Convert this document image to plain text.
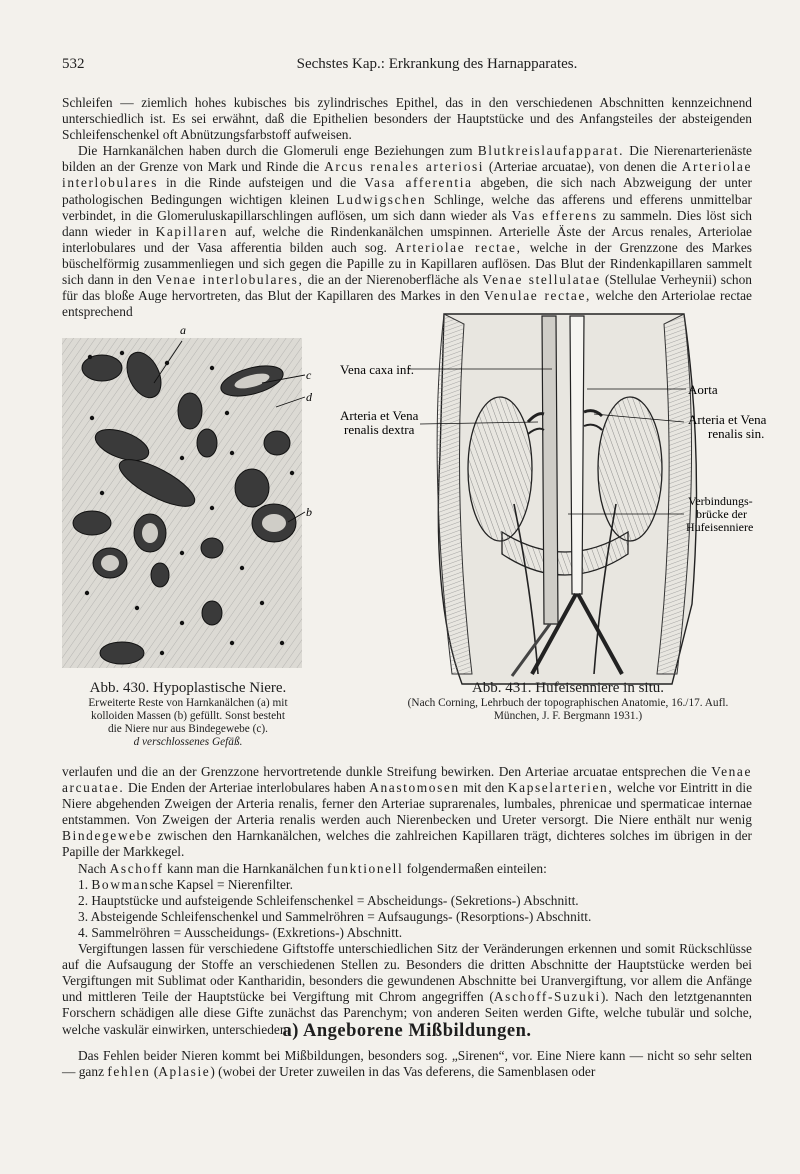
532	Sechstes Kap.: Erkrankung des Harnapparates.

Schleifen — ziemlich hohes kubisches bis zylindrisches Epithel, das in den verschiedenen Abschnitten kennzeichnend unterschiedlich ist. Es sei erwähnt, daß die Epithelien besonders der Hauptstücke und des Anfangsteiles der absteigenden Schleifenschenkel oft Abnützungsfarbstoff aufweisen.

Die Harnkanälchen haben durch die Glomeruli enge Beziehungen zum Blutkreislaufapparat. Die Nierenarterienäste bilden an der Grenze von Mark und Rinde die Arcus renales arteriosi (Arteriae arcuatae), von denen die Arteriolae interlobulares in die Rinde aufsteigen und die Vasa afferentia abgeben, die sich nach Abzweigung der unter pathologischen Bedingungen wichtigen kleinen Ludwigschen Schlinge, welche das afferens und efferens unmittelbar verbindet, in die Glomeruluskapillarschlingen auflösen, um sich dann wieder als Vas efferens zu sammeln. Dies löst sich dann wieder in Kapillaren auf, welche die Rindenkanälchen umspinnen. Arterielle Äste der Arcus renales, Arteriolae interlobulares und der Vasa afferentia bilden auch sog. Arteriolae rectae, welche in der Grenzzone des Markes büschelförmig zusammenliegen und sich gegen die Papille zu in Kapillaren auflösen. Das Blut der Rindenkapillaren sammelt sich dann in den Venae interlobulares, die an der Nierenoberfläche als Venae stellulatae (Stellulae Verheynii) schon für das bloße Auge hervortreten, das Blut der Kapillaren des Markes in den Venulae rectae, welche den Arteriolae rectae entsprechend

a
c
d
b
Vena caxa inf.
Arteria et Vena
renalis dextra
Aorta
Arteria et Vena
renalis sin.
Verbindungs-
brücke der
Hufeisenniere
Abb. 430. Hypoplastische Niere.
Erweiterte Reste von Harnkanälchen (a) mit
kolloiden Massen (b) gefüllt. Sonst besteht
die Niere nur aus Bindegewebe (c).
d verschlossenes Gefäß.
Abb. 431. Hufeisenniere in situ.
(Nach Corning, Lehrbuch der topographischen Anatomie, 16./17. Aufl.
München, J. F. Bergmann 1931.)

verlaufen und die an der Grenzzone hervortretende dunkle Streifung bewirken. Den Arteriae arcuatae entsprechen die Venae arcuatae. Die Enden der Arteriae interlobulares haben Anastomosen mit den Kapselarterien, welche vor Eintritt in die Niere abgehenden Zweigen der Arteria renalis, ferner den Arteriae suprarenales, lumbales, phrenicae und spermaticae internae entstammen. Von Zweigen der Arteria renalis werden auch Nierenbecken und Ureter versorgt. Die Niere enthält nur wenig Bindegewebe zwischen den Harnkanälchen, welches die zahlreichen Kapillaren trägt, dichteres solches im übrigen in der Papille der Markkegel.

Nach Aschoff kann man die Harnkanälchen funktionell folgendermaßen einteilen:

1. Bowmansche Kapsel = Nierenfilter.

2. Hauptstücke und aufsteigende Schleifenschenkel = Abscheidungs- (Sekretions-) Abschnitt.

3. Absteigende Schleifenschenkel und Sammelröhren = Aufsaugungs- (Resorptions-) Abschnitt.

4. Sammelröhren = Ausscheidungs- (Exkretions-) Abschnitt.

Vergiftungen lassen für verschiedene Giftstoffe unterschiedlichen Sitz der Veränderungen erkennen und somit Rückschlüsse auf die Aufsaugung der Stoffe an verschiedenen Stellen zu. Besonders die dritten Abschnitte der Hauptstücke werden bei Vergiftungen mit Sublimat oder Kantharidin, besonders die gewundenen Abschnitte bei Uranvergiftung, vor allem die Anfänge und mittleren Teile der Hauptstücke bei Vergiftung mit Chrom angegriffen (Aschoff-Suzuki). Nach den letztgenannten Forschern schädigen alle diese Gifte zunächst das Parenchym; von anderen Seiten werden Gifte, welche tubulär und solche, welche vaskulär einwirken, unterschieden.

a) Angeborene Mißbildungen.

Das Fehlen beider Nieren kommt bei Mißbildungen, besonders sog. „Sirenen“, vor. Eine Niere kann — nicht so sehr selten — ganz fehlen (Aplasie) (wobei der Ureter zuweilen in das Vas deferens, die Samenblasen oder
